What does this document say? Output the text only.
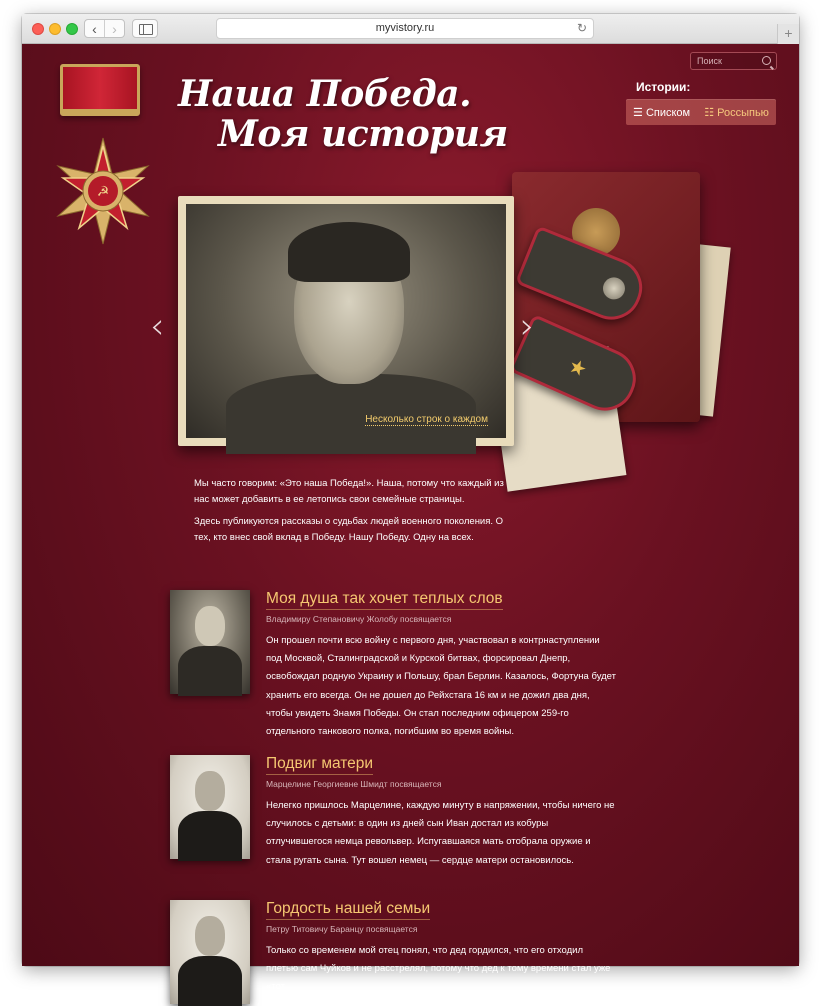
‹	›	myvistory.ru	↻	+
☭
Наша Победа.
Моя история
Поиск
Истории:
☰ Списком ☷ Россыпью
★
Несколько строк о каждом
‹	›

Мы часто говорим: «Это наша Победа!». Наша, потому что каждый из нас может добавить в ее летопись свои семейные страницы.

Здесь публикуются рассказы о судьбах людей военного поколения. О тех, кто внес свой вклад в Победу. Нашу Победу. Одну на всех.

Моя душа так хочет теплых слов
Владимиру Степановичу Жолобу посвящается

Он прошел почти всю войну с первого дня, участвовал в контрнаступлении под Москвой, Сталинградской и Курской битвах, форсировал Днепр, освобождал родную Украину и Польшу, брал Берлин. Казалось, Фортуна будет хранить его всегда. Он не дошел до Рейхстага 16 км и не дожил два дня, чтобы увидеть Знамя Победы. Он стал последним офицером 259-го отдельного танкового полка, погибшим во время войны.

Подвиг матери
Марцелине Георгиевне Шмидт посвящается

Нелегко пришлось Марцелине, каждую минуту в напряжении, чтобы ничего не случилось с детьми: в один из дней сын Иван достал из кобуры отлучившегося немца револьвер. Испугавшаяся мать отобрала оружие и стала ругать сына. Тут вошел немец — сердце матери остановилось.

Гордость нашей семьи
Петру Титовичу Баранцу посвящается

Только со временем мой отец понял, что дед гордился, что его отходил плетью сам Чуйков и не расстрелял, потому что дед к тому времени стал уже «тот
